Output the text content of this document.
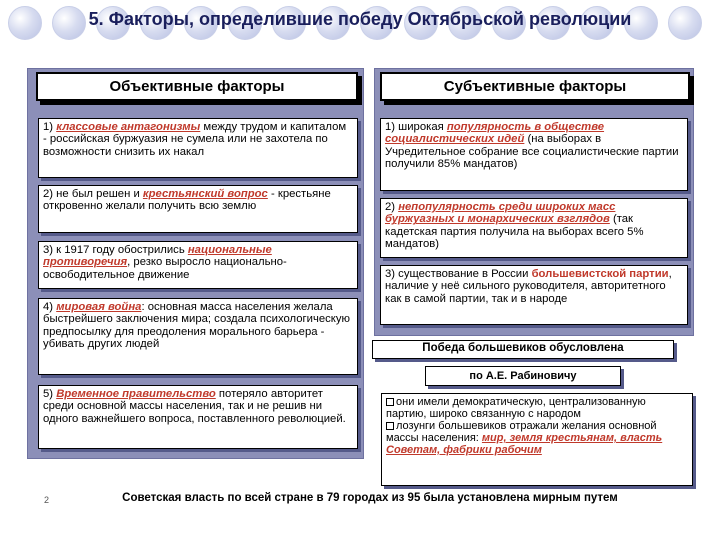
5. Факторы, определившие победу Октябрьской революции
Объективные факторы
1) классовые антагонизмы между трудом и капиталом - российская буржуазия не сумела или не захотела по возможности снизить их накал
2) не был решен и крестьянский вопрос - крестьяне откровенно желали получить всю землю
3) к 1917 году обострились национальные противоречия, резко выросло национально-освободительное движение
4) мировая война: основная масса населения желала быстрейшего заключения мира; создала психологическую предпосылку для преодоления морального барьера - убивать других людей
5) Временное правительство потеряло авторитет среди основной массы населения, так и не решив ни одного важнейшего вопроса, поставленного революцией.
Субъективные факторы
1) широкая популярность в обществе социалистических идей (на выборах в Учредительное собрание все социалистические партии получили 85% мандатов)
2) непопулярность среди широких масс буржуазных и монархических взглядов (так кадетская партия получила на выборах всего 5% мандатов)
3) существование в России большевистской партии, наличие у неё сильного руководителя, авторитетного как в самой партии, так и в народе
Победа большевиков обусловлена
по А.Е. Рабиновичу
они имели демократическую, централизованную партию, широко связанную с народом
лозунги большевиков отражали желания основной массы населения: мир, земля крестьянам, власть Советам, фабрики рабочим
2	Советская власть по всей стране в 79 городах из 95 была установлена мирным путем
